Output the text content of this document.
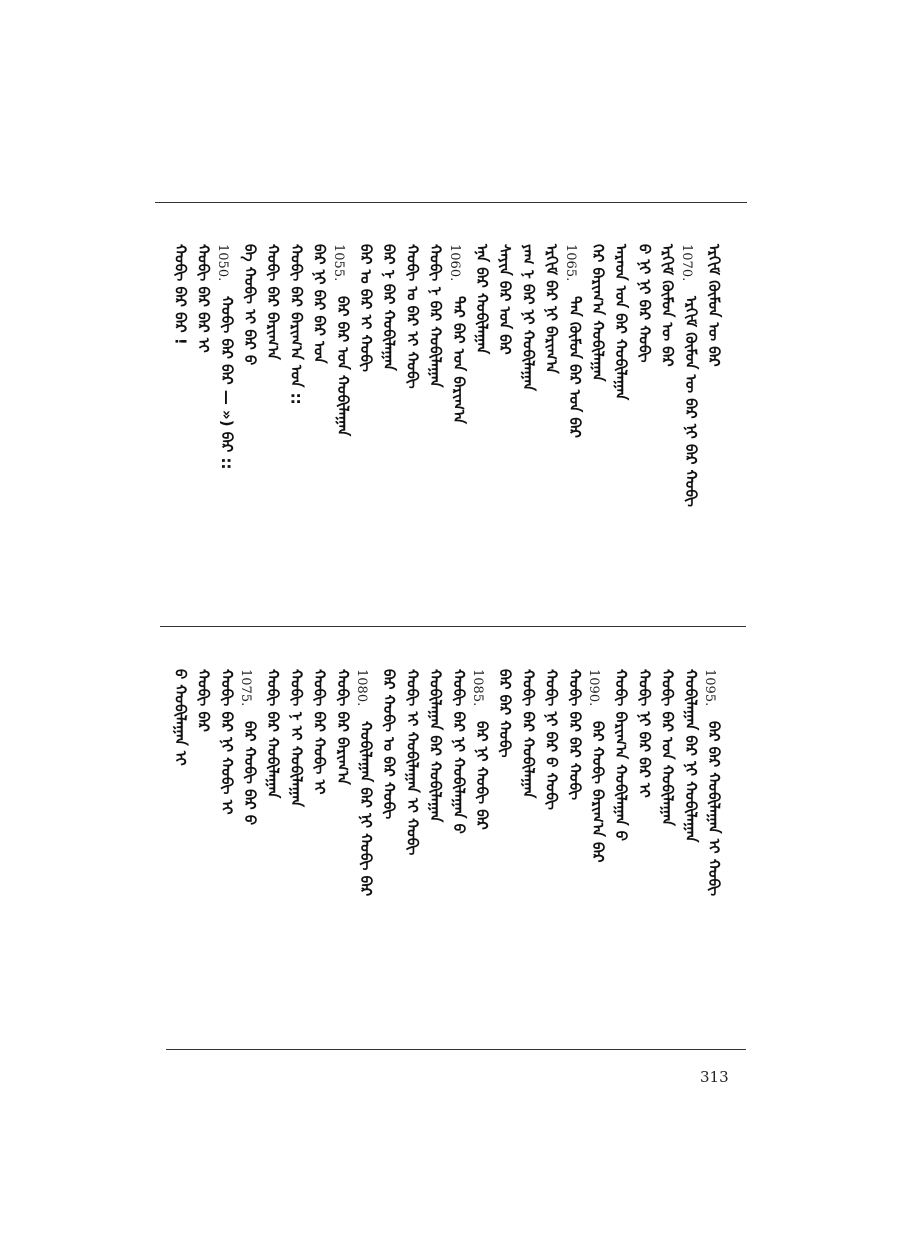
ᠡᠷᠬᠢᠮ ᠬᠦᠮᠦᠨ ᠦ ᠪᠠᠷ
1070.
ᠡᠷᠬᠢᠮ ᠬᠦᠮᠦᠨ ᠦ ᠪᠠᠷ ᠨᠢ ᠪᠠᠷ ᠬᠤᠪᠢ
ᠡᠷᠬᠢᠮ ᠬᠦᠮᠦᠨ ᠦ ᠪᠠᠷ
ᠪ ᠨᠢ ᠨᠢ ᠪᠠᠷ ᠬᠤᠪᠢ
ᠠᠷᠠᠳ ᠤᠨ ᠪᠠᠷ ᠬᠤᠪᠢᠯᠠᠭᠠᠨ
ᠭᠡᠷ ᠪᠠᠷᠢᠭ᠎ᠠ ᠬᠤᠪᠢᠯᠠᠭᠠᠨ
1065.
ᠲᠡᠨ ᠬᠦᠮᠦᠨ ᠪᠠᠷ ᠤᠨ ᠪᠠᠷ
ᠡᠷᠬᠢᠮ ᠪᠠᠷ ᠨᠢ ᠪᠠᠷᠢᠭ᠎ᠠ
ᠶᠠᠭ ᠨ ᠪᠠᠷ ᠨᠢ ᠬᠤᠪᠢᠯᠠᠭᠠᠨ
ᠰᠠᠶᠢᠨ ᠪᠠᠷ ᠤᠨ ᠪᠠᠷ
ᠡᠨᠡ ᠪᠠᠷ ᠬᠤᠪᠢᠯᠠᠭᠠᠨ
1060.
ᠲᠡᠷ ᠪᠠᠷ ᠤᠨ ᠪᠠᠷᠢᠭ᠎ᠠ
ᠬᠤᠪᠢ ᠨ ᠪᠠᠷ ᠬᠤᠪᠢᠯᠠᠭᠠᠨ
ᠬᠤᠪᠢ ᠣ ᠪᠠᠷ ᠢ ᠬᠤᠪᠢ
ᠪᠠᠷ ᠨ ᠪᠠᠷ ᠬᠤᠪᠢᠯᠠᠭᠠᠨ
ᠪᠠᠷ ᠣ ᠪᠠᠷ ᠢ ᠬᠤᠪᠢ
1055.
ᠪᠠᠷ ᠪᠠᠷ ᠤᠨ ᠬᠤᠪᠢᠯᠠᠭᠠᠨ
ᠪᠠᠷ ᠨᠢ ᠪᠠᠷ ᠪᠠᠷ ᠤᠨ
ᠬᠤᠪᠢ ᠪᠠᠷ ᠪᠠᠷᠢᠭ᠎ᠠ ᠤᠨ ::
ᠬᠤᠪᠢ ᠪᠠᠷ ᠪᠠᠷᠢᠭ᠎ᠠ
ᠪᠠ ᠬᠤᠪᠢ ᠢ ᠪᠠᠷ ᠪ
1050.
ᠬᠤᠪᠢ ᠪᠠᠷ ᠪᠠᠷ — ») ᠪᠠᠷ ::
ᠬᠤᠪᠢ ᠪᠠᠷ ᠪᠠᠷ ᠢ
ᠬᠤᠪᠢ ᠪᠠᠷ ᠪᠠᠷ !
1095.
ᠪᠠᠷ ᠪᠠᠷ ᠬᠤᠪᠢᠯᠠᠭᠠᠨ ᠢ ᠬᠤᠪᠢ
ᠬᠤᠪᠢᠯᠠᠭᠠᠨ ᠪᠠᠷ ᠨᠢ ᠬᠤᠪᠢᠯᠠᠭᠠᠨ
ᠬᠤᠪᠢ ᠪᠠᠷ ᠤᠨ ᠬᠤᠪᠢᠯᠠᠭᠠᠨ
ᠬᠤᠪᠢ ᠨᠢ ᠪᠠᠷ ᠪᠠᠷ ᠢ
ᠬᠤᠪᠢ ᠪᠠᠷᠢᠭ᠎ᠠ ᠬᠤᠪᠢᠯᠠᠭᠠᠨ ᠪ
1090.
ᠪᠠᠷ ᠬᠤᠪᠢ ᠪᠠᠷᠢᠭ᠎ᠠ ᠪᠠᠷ
ᠬᠤᠪᠢ ᠪᠠᠷ ᠪᠠᠷ ᠬᠤᠪᠢ
ᠬᠤᠪᠢ ᠨᠢ ᠪᠠᠷ ᠪ ᠬᠤᠪᠢ
ᠬᠤᠪᠢ ᠪᠠᠷ ᠬᠤᠪᠢᠯᠠᠭᠠᠨ
ᠪᠠᠷ ᠪᠠᠷ ᠬᠤᠪᠢ
1085.
ᠪᠠᠷ ᠨᠢ ᠬᠤᠪᠢ ᠪᠠᠷ
ᠬᠤᠪᠢ ᠪᠠᠷ ᠨᠢ ᠬᠤᠪᠢᠯᠠᠭᠠᠨ ᠪ
ᠬᠤᠪᠢᠯᠠᠭᠠᠨ ᠪᠠᠷ ᠬᠤᠪᠢᠯᠠᠭᠠᠨ
ᠬᠤᠪᠢ ᠢ ᠬᠤᠪᠢᠯᠠᠭᠠᠨ ᠢ ᠬᠤᠪᠢ
ᠪᠠᠷ ᠬᠤᠪᠢ ᠣ ᠪᠠᠷ ᠬᠤᠪᠢ
1080.
ᠬᠤᠪᠢᠯᠠᠭᠠᠨ ᠪᠠᠷ ᠨᠢ ᠬᠤᠪᠢ ᠪᠠᠷ
ᠬᠤᠪᠢ ᠪᠠᠷ ᠪᠠᠷᠢᠭ᠎ᠠ
ᠬᠤᠪᠢ ᠪᠠᠷ ᠬᠤᠪᠢ ᠢ
ᠬᠤᠪᠢ ᠨ ᠢ ᠬᠤᠪᠢᠯᠠᠭᠠᠨ
ᠬᠤᠪᠢ ᠪᠠᠷ ᠬᠤᠪᠢᠯᠠᠭᠠᠨ
1075.
ᠪᠠᠷ ᠬᠤᠪᠢ ᠪᠠᠷ ᠪ
ᠬᠤᠪᠢ ᠪᠠᠷ ᠨᠢ ᠬᠤᠪᠢ ᠢ
ᠬᠤᠪᠢ ᠪᠠᠷ
ᠪ ᠬᠤᠪᠢᠯᠠᠭᠠᠨ ᠢ
313
